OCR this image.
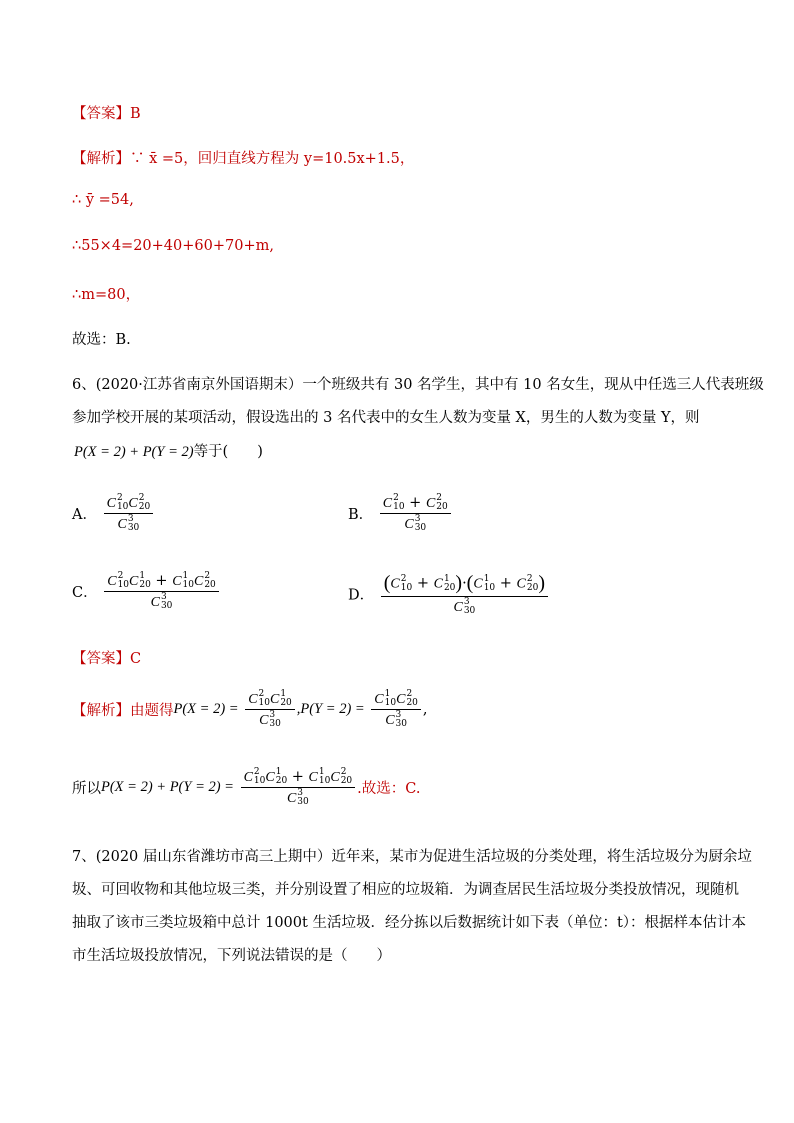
【答案】B
【解析】∵ x̄ =5，回归直线方程为 y=10.5x+1.5，
∴ ȳ =54,
∴55×4=20+40+60+70+m,
∴m=80，
故选：B.
6、(2020·江苏省南京外国语期末）一个班级共有 30 名学生，其中有 10 名女生，现从中任选三人代表班级
参加学校开展的某项活动，假设选出的 3 名代表中的女生人数为变量 X，男生的人数为变量 Y，则
P(X = 2) + P(Y = 2)等于(　　)
A． C 2
10 C 2
20
C 3
30	B． C 2
10 + C 2
20
C 3
30
C． C 2
10 C 1
20 + C 1
10 C 2
20
C 3
30	D． (C 2
10 + C 1
20 )·(C 1
10 + C 2
20 )
C 3
30
【答案】C
【解析】由题得P(X = 2) = C 2
10 C 1
20
C 3
30 ,P(Y = 2) = C 1
10 C 2
20
C 3
30 ,
所以P(X = 2) + P(Y = 2) = C 2
10 C 1
20 + C 1
10 C 2
20
C 3
30 .故选：C.
7、(2020 届山东省潍坊市高三上期中）近年来，某市为促进生活垃圾的分类处理，将生活垃圾分为厨余垃
圾、可回收物和其他垃圾三类，并分别设置了相应的垃圾箱．为调查居民生活垃圾分类投放情况，现随机
抽取了该市三类垃圾箱中总计 1000t 生活垃圾．经分拣以后数据统计如下表（单位：t）：根据样本估计本
市生活垃圾投放情况，下列说法错误的是（　　）
